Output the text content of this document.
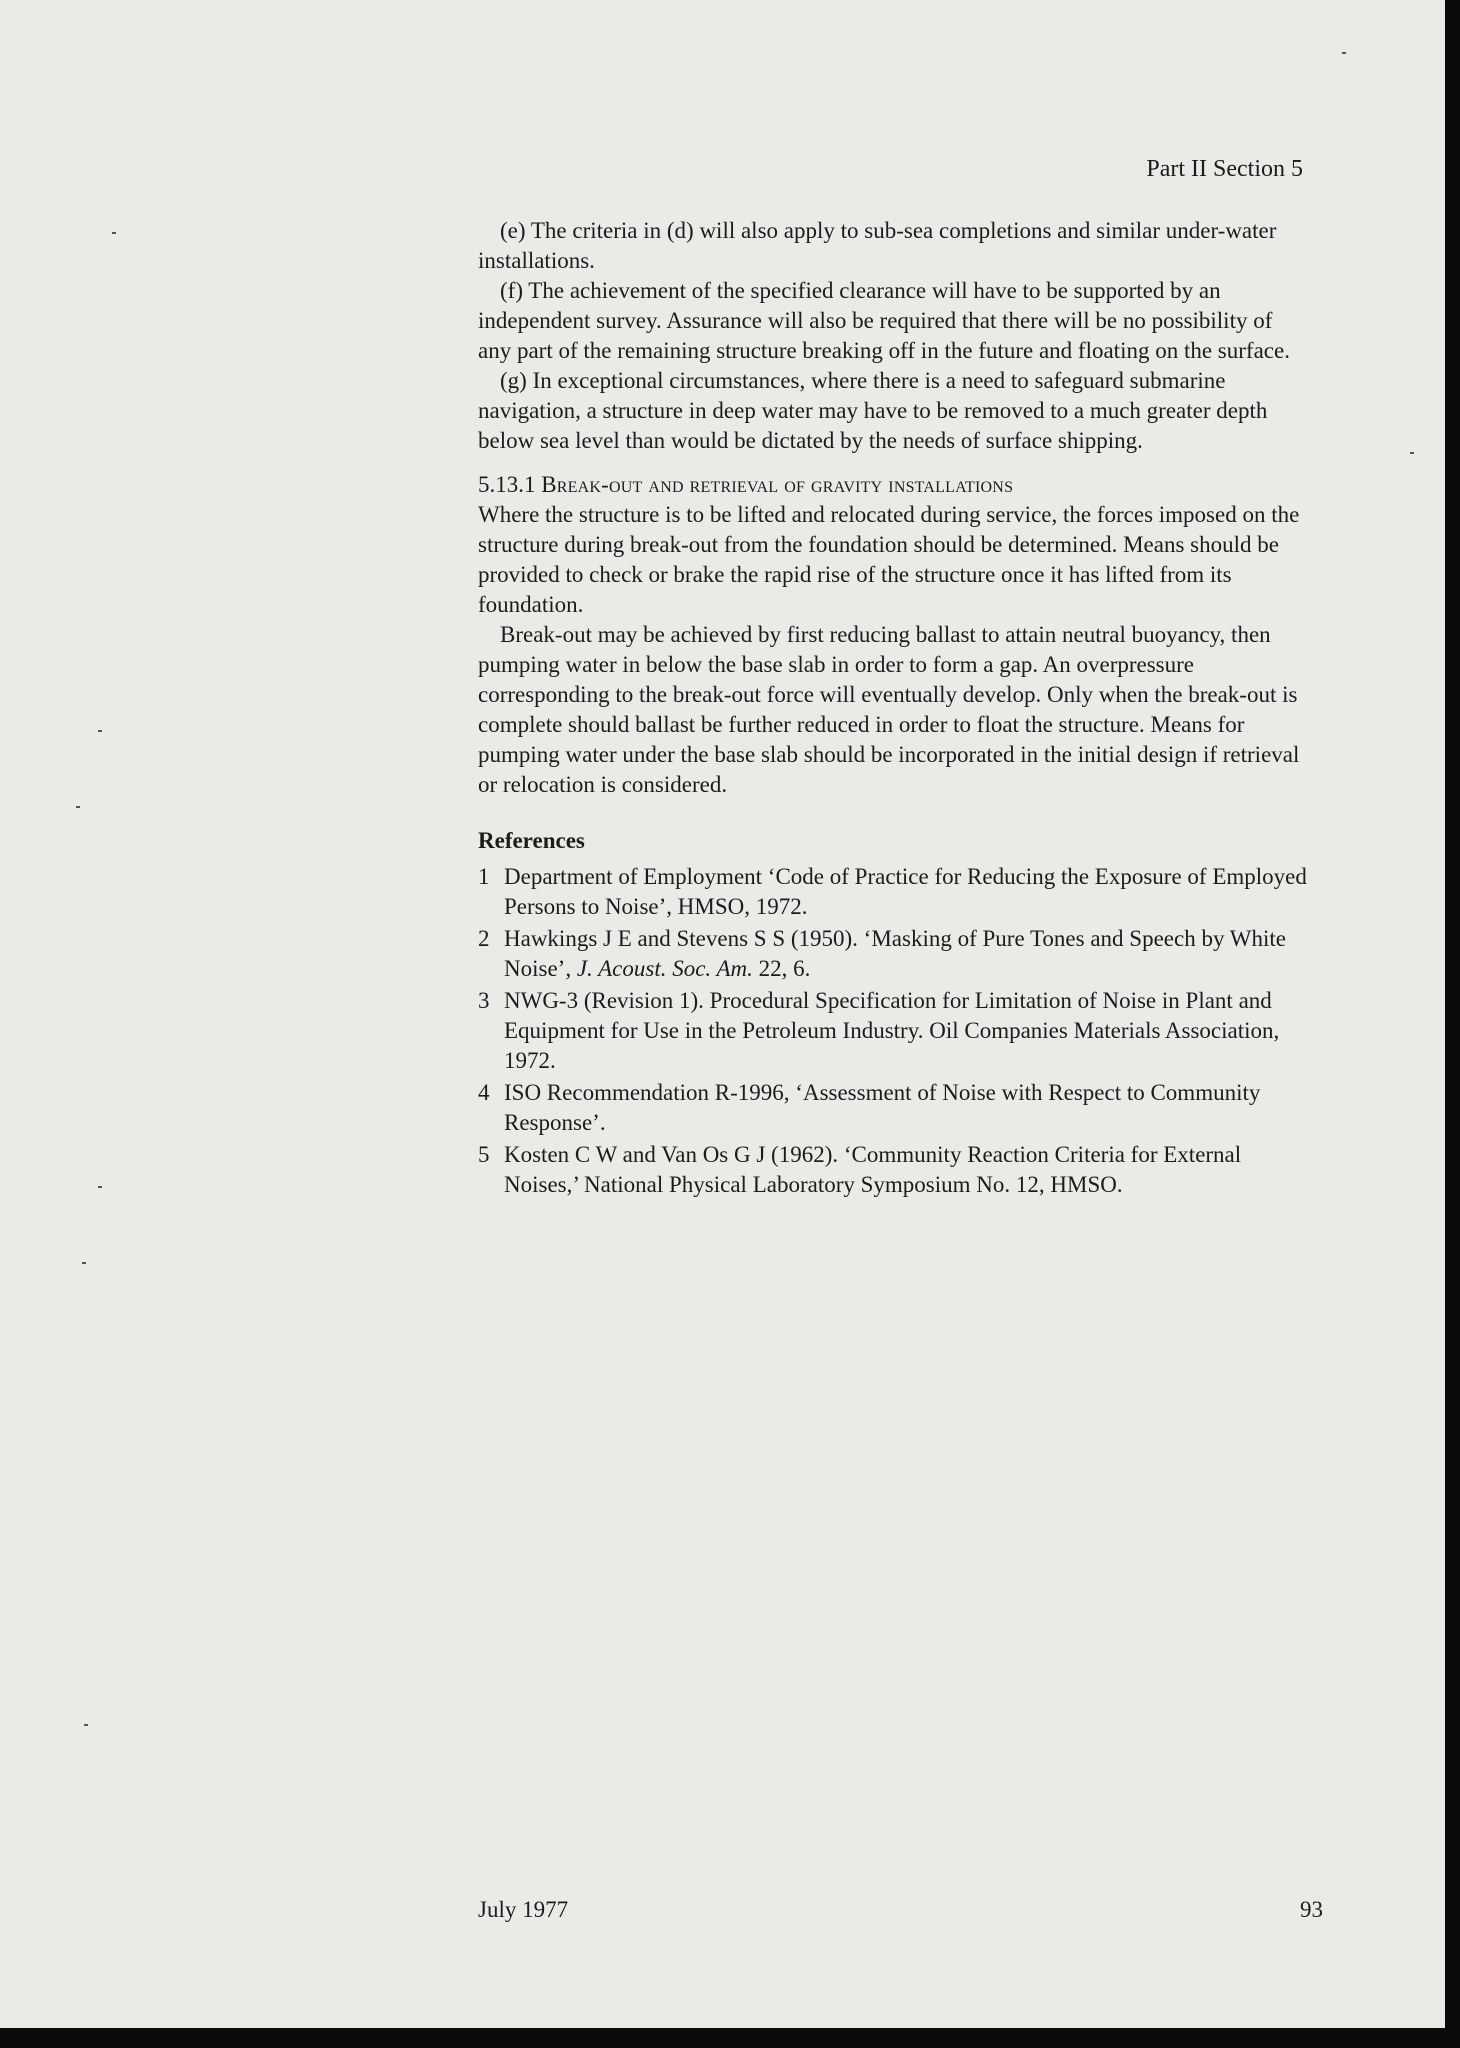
Part II Section 5

(e) The criteria in (d) will also apply to sub-sea completions and similar under-water installations.

(f) The achievement of the specified clearance will have to be supported by an independent survey. Assurance will also be required that there will be no possibility of any part of the remaining structure breaking off in the future and floating on the surface.

(g) In exceptional circumstances, where there is a need to safeguard submarine navigation, a structure in deep water may have to be removed to a much greater depth below sea level than would be dictated by the needs of surface shipping.

5.13.1 Break-out and retrieval of gravity installations

Where the structure is to be lifted and relocated during service, the forces imposed on the structure during break-out from the foundation should be determined. Means should be provided to check or brake the rapid rise of the structure once it has lifted from its foundation.

Break-out may be achieved by first reducing ballast to attain neutral buoyancy, then pumping water in below the base slab in order to form a gap. An overpressure corresponding to the break-out force will eventually develop. Only when the break-out is complete should ballast be further reduced in order to float the structure. Means for pumping water under the base slab should be incorporated in the initial design if retrieval or relocation is considered.

References

1 Department of Employment ‘Code of Practice for Reducing the Exposure of Employed Persons to Noise’, HMSO, 1972.
2 Hawkings J E and Stevens S S (1950). ‘Masking of Pure Tones and Speech by White Noise’, J. Acoust. Soc. Am. 22, 6.
3 NWG-3 (Revision 1). Procedural Specification for Limitation of Noise in Plant and Equipment for Use in the Petroleum Industry. Oil Companies Materials Association, 1972.
4 ISO Recommendation R-1996, ‘Assessment of Noise with Respect to Community Response’.
5 Kosten C W and Van Os G J (1962). ‘Community Reaction Criteria for External Noises,’ National Physical Laboratory Symposium No. 12, HMSO.
July 1977	93
